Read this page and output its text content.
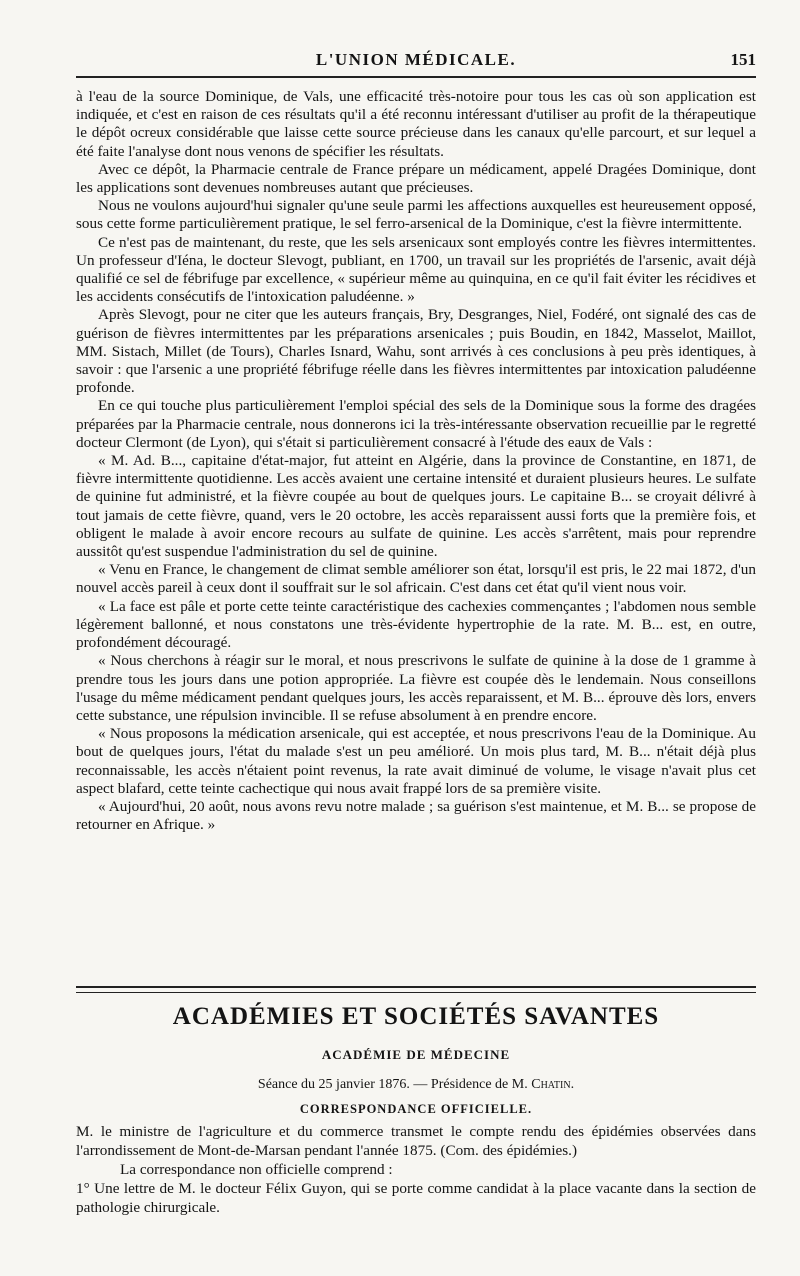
L'UNION MÉDICALE.	151

à l'eau de la source Dominique, de Vals, une efficacité très-notoire pour tous les cas où son application est indiquée, et c'est en raison de ces résultats qu'il a été reconnu intéressant d'utiliser au profit de la thérapeutique le dépôt ocreux considérable que laisse cette source précieuse dans les canaux qu'elle parcourt, et sur lequel a été faite l'analyse dont nous venons de spécifier les résultats.

Avec ce dépôt, la Pharmacie centrale de France prépare un médicament, appelé Dragées Dominique, dont les applications sont devenues nombreuses autant que précieuses.

Nous ne voulons aujourd'hui signaler qu'une seule parmi les affections auxquelles est heureusement opposé, sous cette forme particulièrement pratique, le sel ferro-arsenical de la Dominique, c'est la fièvre intermittente.

Ce n'est pas de maintenant, du reste, que les sels arsenicaux sont employés contre les fièvres intermittentes. Un professeur d'Iéna, le docteur Slevogt, publiant, en 1700, un travail sur les propriétés de l'arsenic, avait déjà qualifié ce sel de fébrifuge par excellence, « supérieur même au quinquina, en ce qu'il fait éviter les récidives et les accidents consécutifs de l'intoxication paludéenne. »

Après Slevogt, pour ne citer que les auteurs français, Bry, Desgranges, Niel, Fodéré, ont signalé des cas de guérison de fièvres intermittentes par les préparations arsenicales ; puis Boudin, en 1842, Masselot, Maillot, MM. Sistach, Millet (de Tours), Charles Isnard, Wahu, sont arrivés à ces conclusions à peu près identiques, à savoir : que l'arsenic a une propriété fébrifuge réelle dans les fièvres intermittentes par intoxication paludéenne profonde.

En ce qui touche plus particulièrement l'emploi spécial des sels de la Dominique sous la forme des dragées préparées par la Pharmacie centrale, nous donnerons ici la très-intéressante observation recueillie par le regretté docteur Clermont (de Lyon), qui s'était si particulièrement consacré à l'étude des eaux de Vals :

« M. Ad. B..., capitaine d'état-major, fut atteint en Algérie, dans la province de Constantine, en 1871, de fièvre intermittente quotidienne. Les accès avaient une certaine intensité et duraient plusieurs heures. Le sulfate de quinine fut administré, et la fièvre coupée au bout de quelques jours. Le capitaine B... se croyait délivré à tout jamais de cette fièvre, quand, vers le 20 octobre, les accès reparaissent aussi forts que la première fois, et obligent le malade à avoir encore recours au sulfate de quinine. Les accès s'arrêtent, mais pour reprendre aussitôt qu'est suspendue l'administration du sel de quinine.

« Venu en France, le changement de climat semble améliorer son état, lorsqu'il est pris, le 22 mai 1872, d'un nouvel accès pareil à ceux dont il souffrait sur le sol africain. C'est dans cet état qu'il vient nous voir.

« La face est pâle et porte cette teinte caractéristique des cachexies commençantes ; l'abdomen nous semble légèrement ballonné, et nous constatons une très-évidente hypertrophie de la rate. M. B... est, en outre, profondément découragé.

« Nous cherchons à réagir sur le moral, et nous prescrivons le sulfate de quinine à la dose de 1 gramme à prendre tous les jours dans une potion appropriée. La fièvre est coupée dès le lendemain. Nous conseillons l'usage du même médicament pendant quelques jours, les accès reparaissent, et M. B... éprouve dès lors, envers cette substance, une répulsion invincible. Il se refuse absolument à en prendre encore.

« Nous proposons la médication arsenicale, qui est acceptée, et nous prescrivons l'eau de la Dominique. Au bout de quelques jours, l'état du malade s'est un peu amélioré. Un mois plus tard, M. B... n'était déjà plus reconnaissable, les accès n'étaient point revenus, la rate avait diminué de volume, le visage n'avait plus cet aspect blafard, cette teinte cachectique qui nous avait frappé lors de sa première visite.

« Aujourd'hui, 20 août, nous avons revu notre malade ; sa guérison s'est maintenue, et M. B... se propose de retourner en Afrique. »

ACADÉMIES ET SOCIÉTÉS SAVANTES
ACADÉMIE DE MÉDECINE
Séance du 25 janvier 1876. — Présidence de M. Chatin.
CORRESPONDANCE OFFICIELLE.

M. le ministre de l'agriculture et du commerce transmet le compte rendu des épidémies observées dans l'arrondissement de Mont-de-Marsan pendant l'année 1875. (Com. des épidémies.)

La correspondance non officielle comprend :

1° Une lettre de M. le docteur Félix Guyon, qui se porte comme candidat à la place vacante dans la section de pathologie chirurgicale.
